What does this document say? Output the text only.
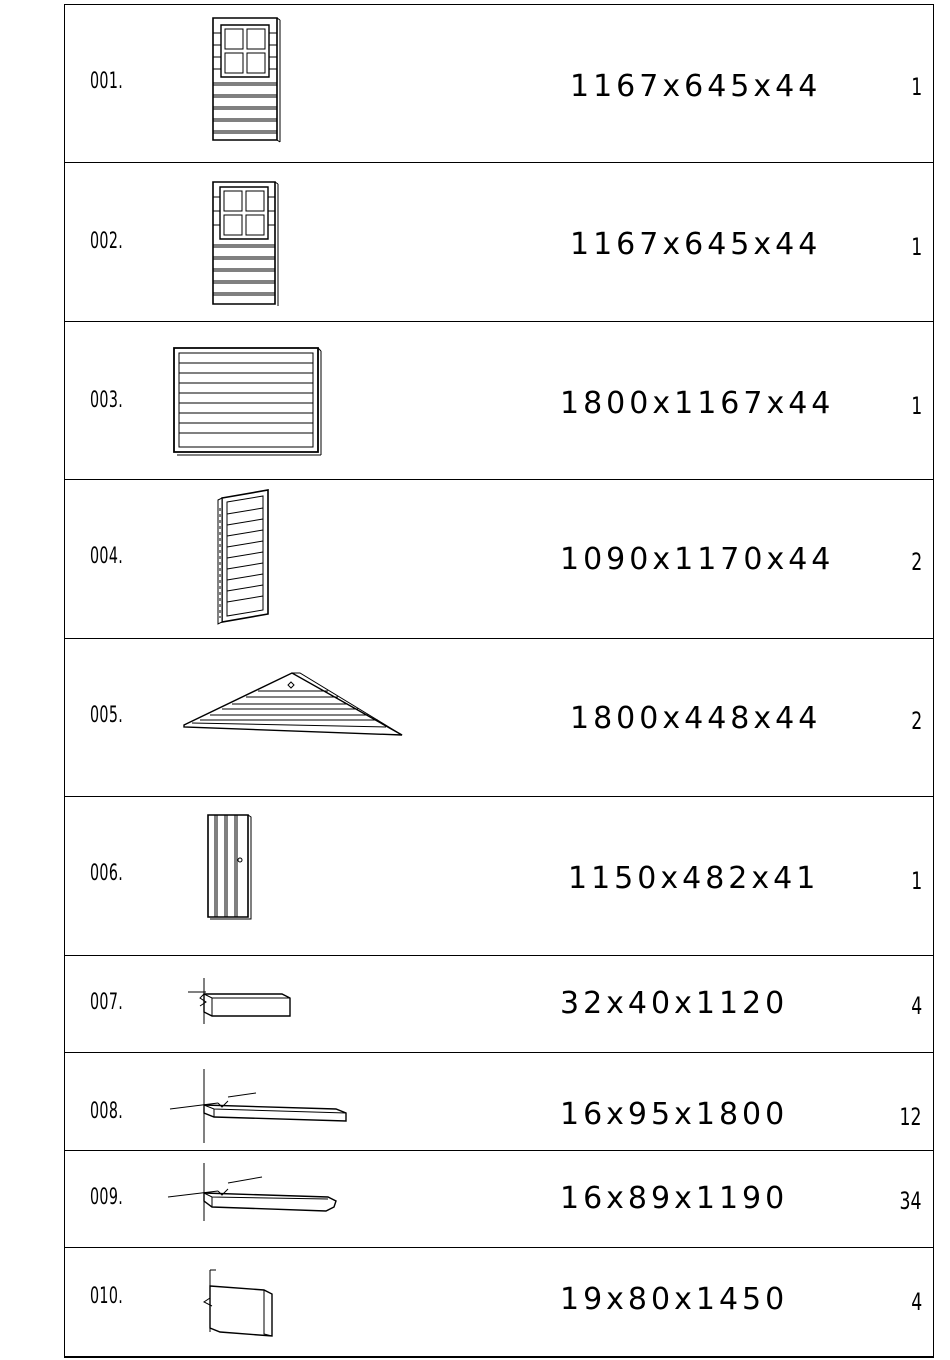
001.	1167x645x44	1
002.	1167x645x44	1
003.	1800x1167x44	1
004.	1090x1170x44	2
005.	1800x448x44	2
006.	1150x482x41	1
007.	32x40x1120	4
008.	16x95x1800	12
009.	16x89x1190	34
010.	19x80x1450	4
